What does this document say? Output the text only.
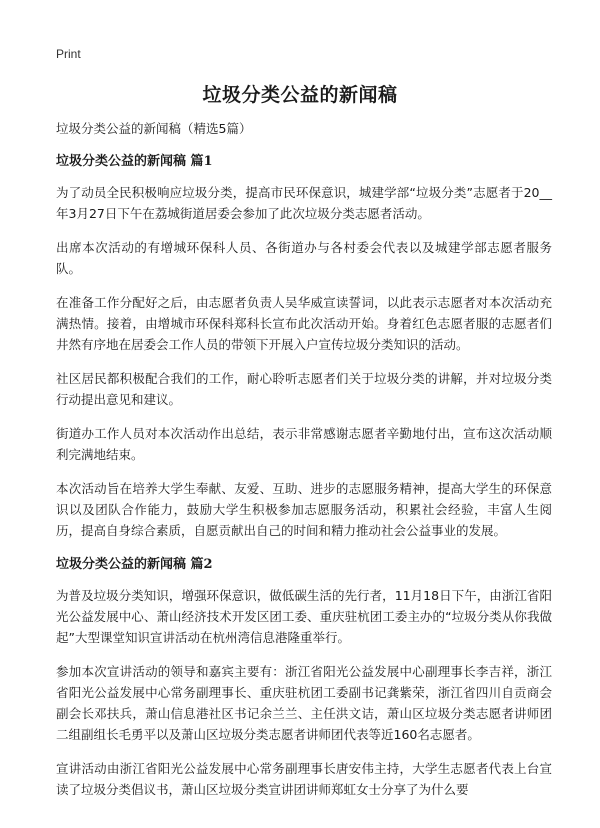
Print
垃圾分类公益的新闻稿

垃圾分类公益的新闻稿（精选5篇）

垃圾分类公益的新闻稿 篇1

为了动员全民积极响应垃圾分类，提高市民环保意识，城建学部“垃圾分类”志愿者于20__年3月27日下午在荔城街道居委会参加了此次垃圾分类志愿者活动。

出席本次活动的有增城环保科人员、各街道办与各村委会代表以及城建学部志愿者服务队。

在准备工作分配好之后，由志愿者负责人吴华威宣读誓词，以此表示志愿者对本次活动充满热情。接着，由增城市环保科郑科长宣布此次活动开始。身着红色志愿者服的志愿者们井然有序地在居委会工作人员的带领下开展入户宣传垃圾分类知识的活动。

社区居民都积极配合我们的工作，耐心聆听志愿者们关于垃圾分类的讲解，并对垃圾分类行动提出意见和建议。

街道办工作人员对本次活动作出总结，表示非常感谢志愿者辛勤地付出，宣布这次活动顺利完满地结束。

本次活动旨在培养大学生奉献、友爱、互助、进步的志愿服务精神，提高大学生的环保意识以及团队合作能力，鼓励大学生积极参加志愿服务活动，积累社会经验，丰富人生阅历，提高自身综合素质，自愿贡献出自己的时间和精力推动社会公益事业的发展。

垃圾分类公益的新闻稿 篇2

为普及垃圾分类知识，增强环保意识，做低碳生活的先行者，11月18日下午，由浙江省阳光公益发展中心、萧山经济技术开发区团工委、重庆驻杭团工委主办的“垃圾分类从你我做起”大型课堂知识宣讲活动在杭州湾信息港隆重举行。

参加本次宣讲活动的领导和嘉宾主要有：浙江省阳光公益发展中心副理事长李吉祥，浙江省阳光公益发展中心常务副理事长、重庆驻杭团工委副书记龚紫荣，浙江省四川自贡商会副会长邓扶兵，萧山信息港社区书记余兰兰、主任洪文诘，萧山区垃圾分类志愿者讲师团二组副组长毛勇平以及萧山区垃圾分类志愿者讲师团代表等近160名志愿者。

宣讲活动由浙江省阳光公益发展中心常务副理事长唐安伟主持，大学生志愿者代表上台宣读了垃圾分类倡议书，萧山区垃圾分类宣讲团讲师郑虹女士分享了为什么要
